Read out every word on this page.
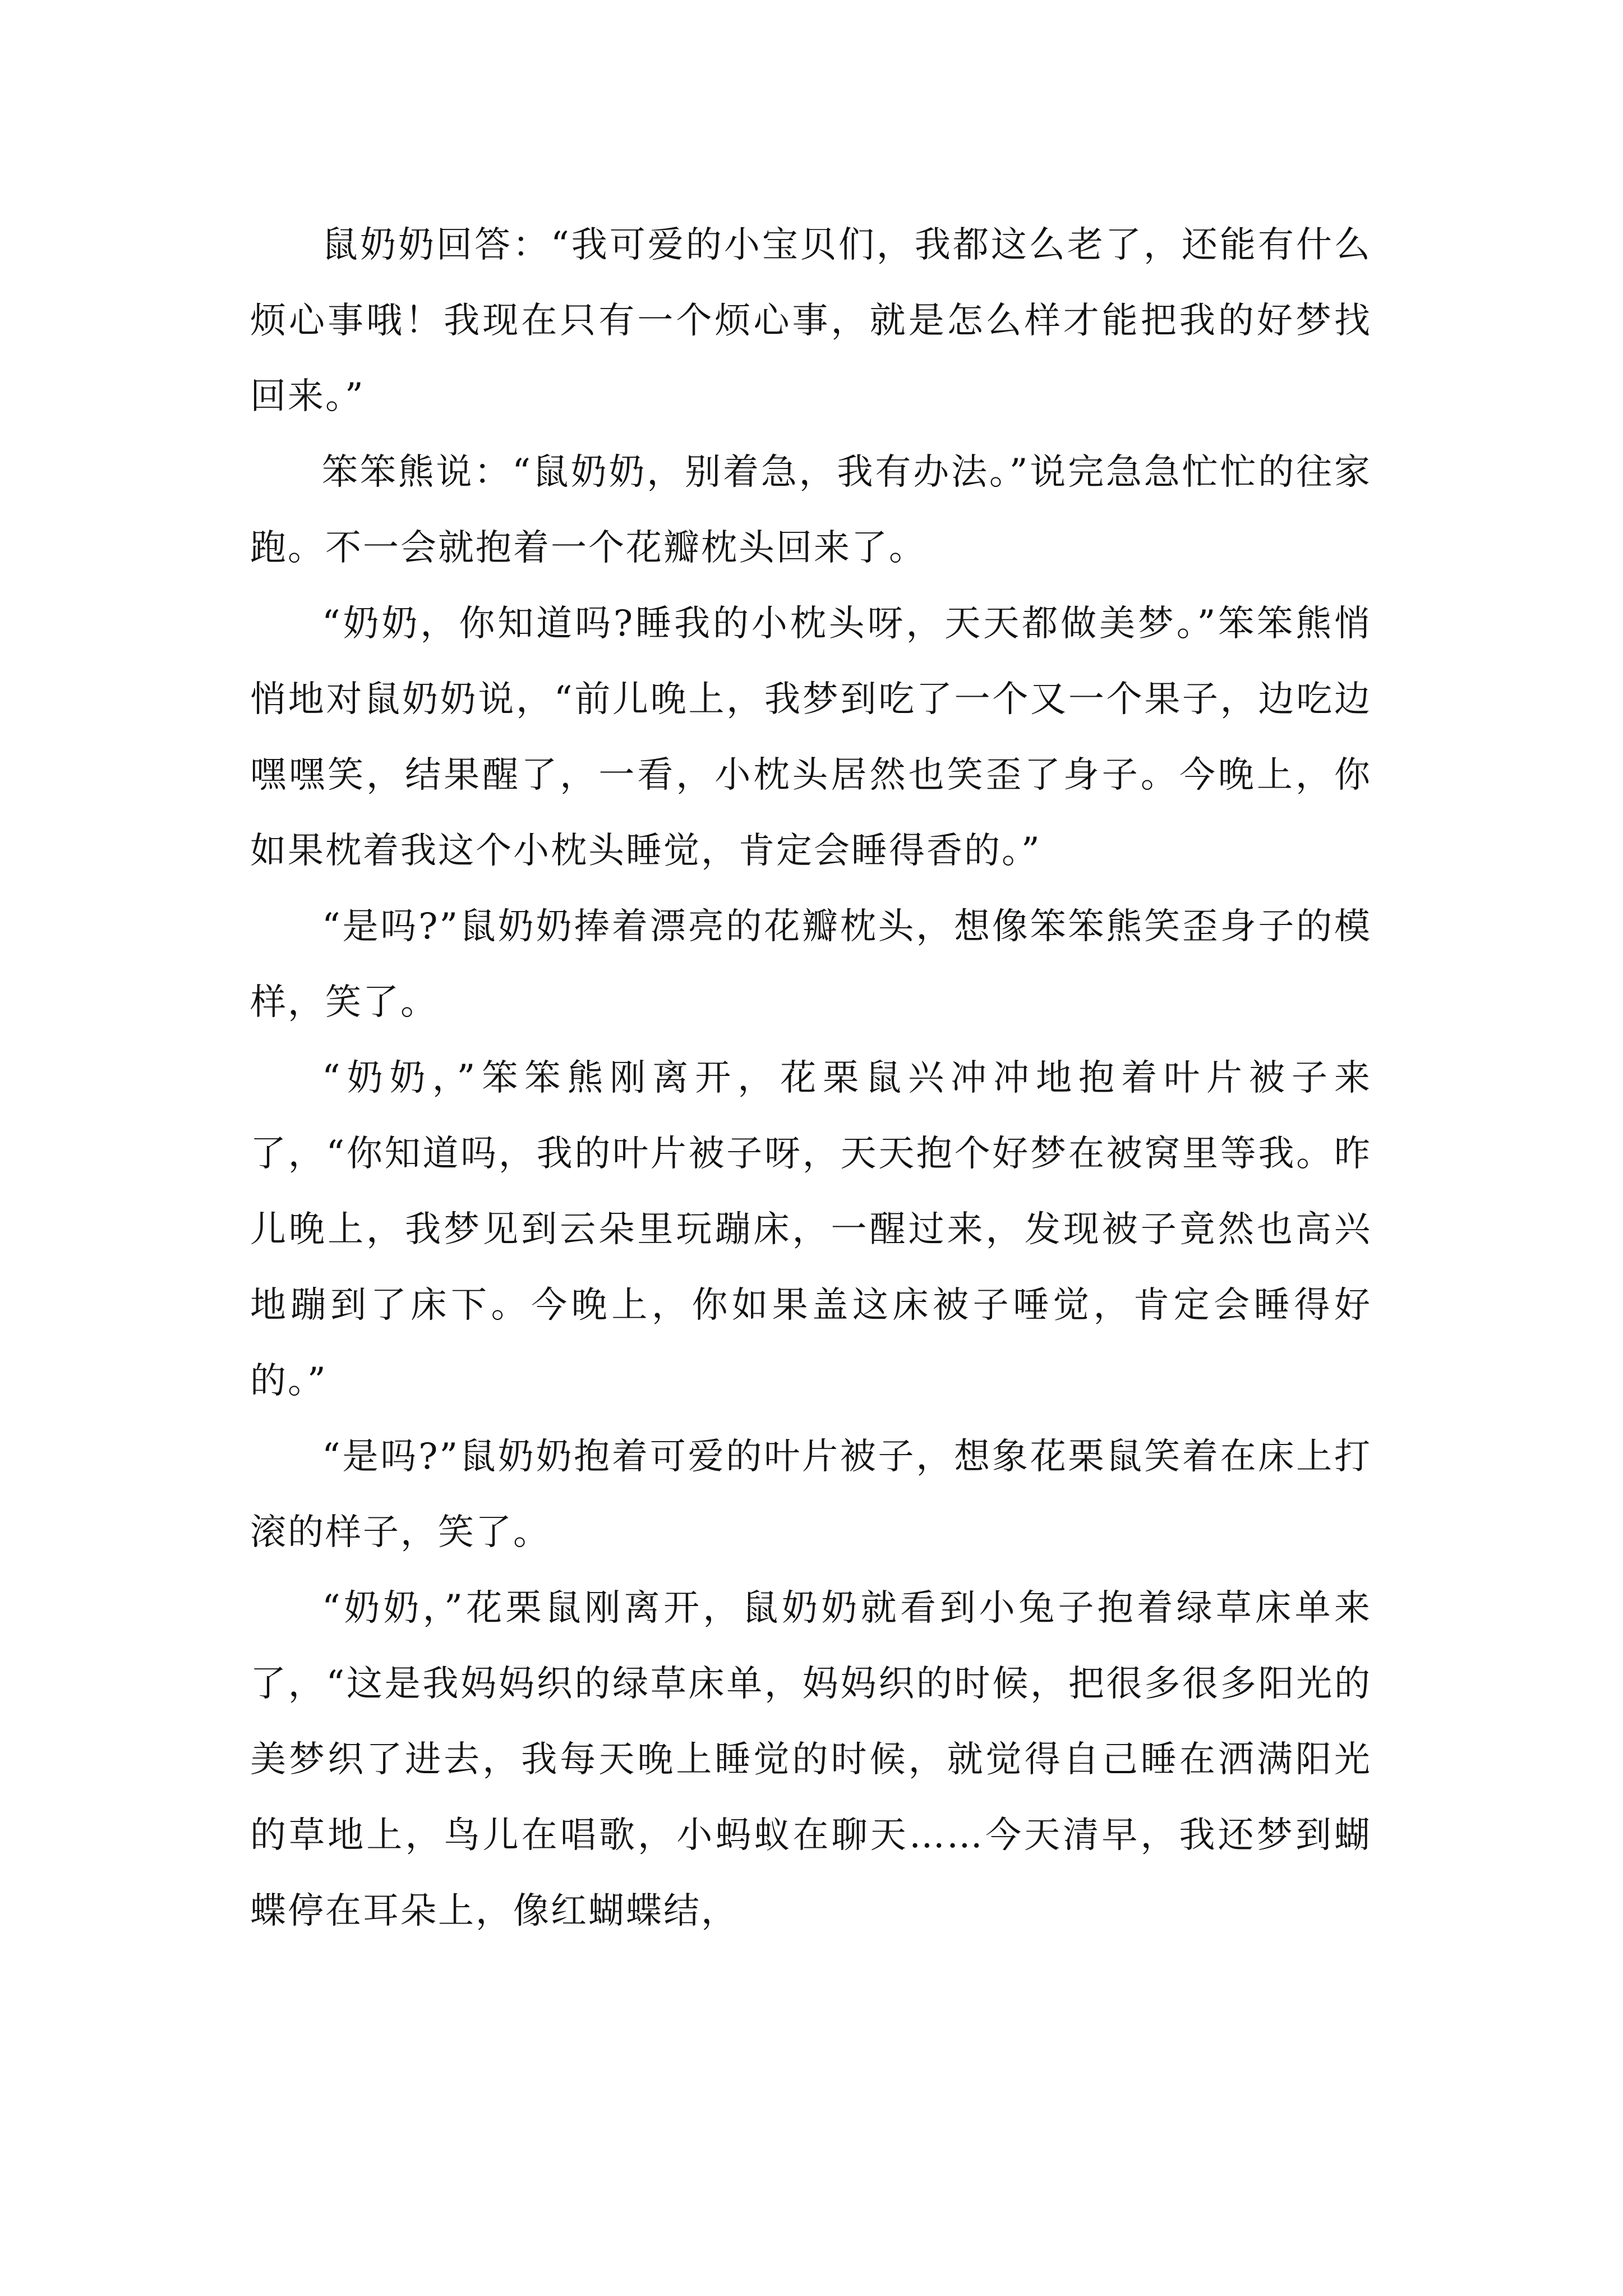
鼠奶奶回答：“我可爱的小宝贝们，我都这么老了，还能有什么烦心事哦！我现在只有一个烦心事，就是怎么样才能把我的好梦找回来。”

笨笨熊说：“鼠奶奶，别着急，我有办法。”说完急急忙忙的往家跑。不一会就抱着一个花瓣枕头回来了。

“奶奶，你知道吗?睡我的小枕头呀，天天都做美梦。”笨笨熊悄悄地对鼠奶奶说，“前儿晚上，我梦到吃了一个又一个果子，边吃边嘿嘿笑，结果醒了，一看，小枕头居然也笑歪了身子。今晚上，你如果枕着我这个小枕头睡觉，肯定会睡得香的。”

“是吗?”鼠奶奶捧着漂亮的花瓣枕头，想像笨笨熊笑歪身子的模样，笑了。

“奶奶，”笨笨熊刚离开，花栗鼠兴冲冲地抱着叶片被子来了，“你知道吗，我的叶片被子呀，天天抱个好梦在被窝里等我。昨儿晚上，我梦见到云朵里玩蹦床，一醒过来，发现被子竟然也高兴地蹦到了床下。今晚上，你如果盖这床被子唾觉，肯定会睡得好的。”

“是吗?”鼠奶奶抱着可爱的叶片被子，想象花栗鼠笑着在床上打滚的样子，笑了。

“奶奶，”花栗鼠刚离开，鼠奶奶就看到小兔子抱着绿草床单来了，“这是我妈妈织的绿草床单，妈妈织的时候，把很多很多阳光的美梦织了进去，我每天晚上睡觉的时候，就觉得自己睡在洒满阳光的草地上，鸟儿在唱歌，小蚂蚁在聊天……今天清早，我还梦到蝴蝶停在耳朵上，像红蝴蝶结，
